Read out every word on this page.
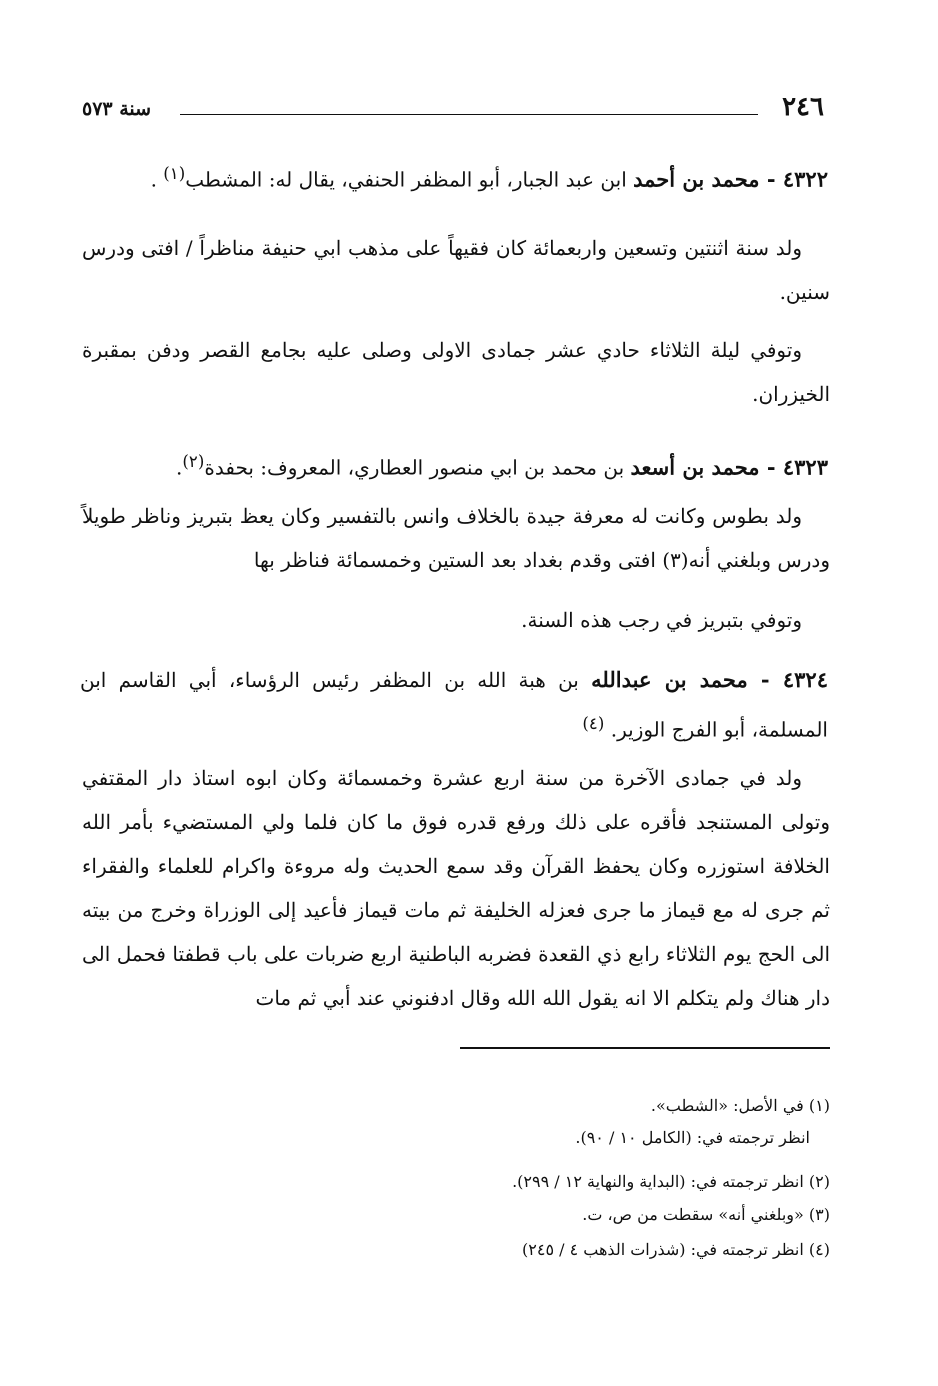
٢٤٦
سنة ٥٧٣

٤٣٢٢ - محمد بن أحمد ابن عبد الجبار، أبو المظفر الحنفي، يقال له: المشطب$^{(١)}$ .

ولد سنة اثنتين وتسعين واربعمائة كان فقيهاً على مذهب ابي حنيفة مناظراً / افتى ودرس سنين.

وتوفي ليلة الثلاثاء حادي عشر جمادى الاولى وصلى عليه بجامع القصر ودفن بمقبرة الخيزران.

٤٣٢٣ - محمد بن أسعد بن محمد بن ابي منصور العطاري، المعروف: بحفدة$^{(٢)}$.

ولد بطوس وكانت له معرفة جيدة بالخلاف وانس بالتفسير وكان يعظ بتبريز وناظر طويلاً ودرس وبلغني أنه(٣) افتى وقدم بغداد بعد الستين وخمسمائة فناظر بها

وتوفي بتبريز في رجب هذه السنة.

٤٣٢٤ - محمد بن عبدالله بن هبة الله بن المظفر رئيس الرؤساء، أبي القاسم ابن المسلمة، أبو الفرج الوزير. $^{(٤)}$

ولد في جمادى الآخرة من سنة اربع عشرة وخمسمائة وكان ابوه استاذ دار المقتفي وتولى المستنجد فأقره على ذلك ورفع قدره فوق ما كان فلما ولي المستضيء بأمر الله الخلافة استوزره وكان يحفظ القرآن وقد سمع الحديث وله مروءة واكرام للعلماء والفقراء ثم جرى له مع قيماز ما جرى فعزله الخليفة ثم مات قيماز فأعيد إلى الوزراة وخرج من بيته الى الحج يوم الثلاثاء رابع ذي القعدة فضربه الباطنية اربع ضربات على باب قطفتا فحمل الى دار هناك ولم يتكلم الا انه يقول الله الله وقال ادفنوني عند أبي ثم مات

(١) في الأصل: «الشطب».

انظر ترجمته في: (الكامل ١٠ / ٩٠).

(٢) انظر ترجمته في: (البداية والنهاية ١٢ / ٢٩٩).

(٣) «وبلغني أنه» سقطت من ص، ت.

(٤) انظر ترجمته في: (شذرات الذهب ٤ / ٢٤٥)
